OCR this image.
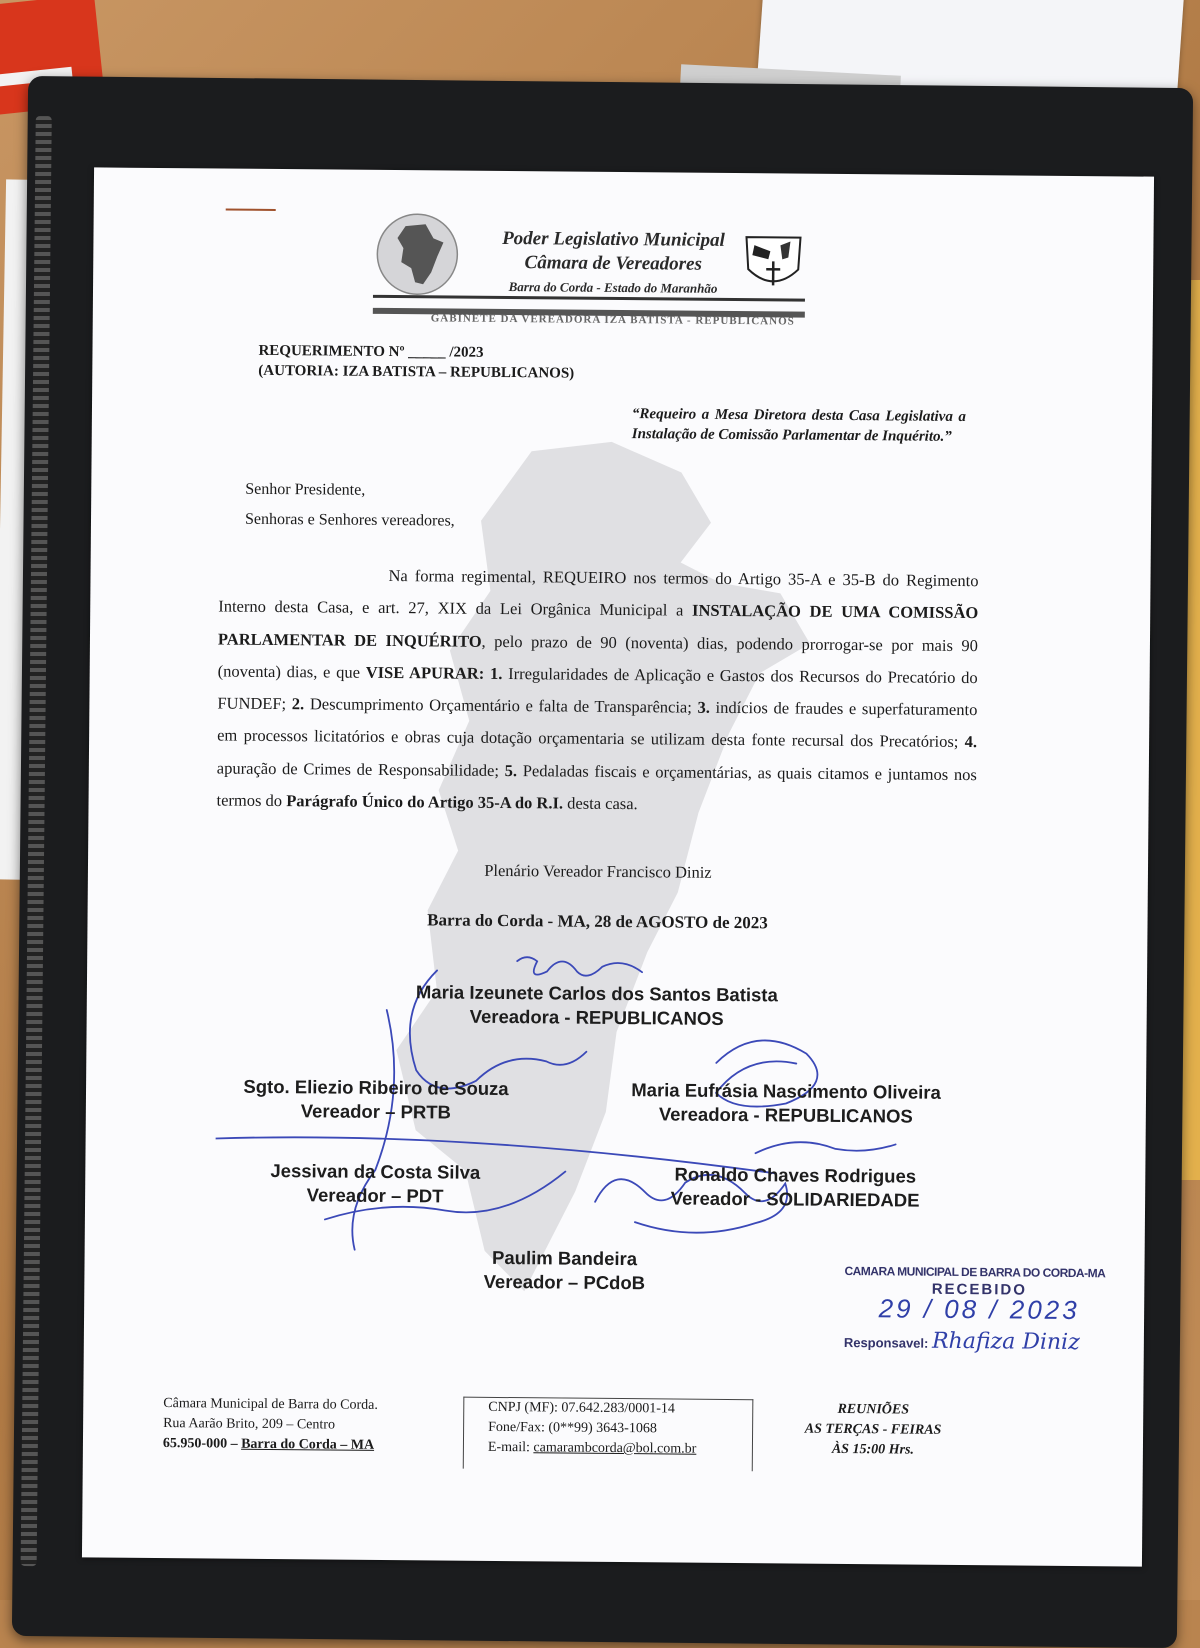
Poder Legislativo Municipal
Câmara de Vereadores
Barra do Corda - Estado do Maranhão
GABINETE DA VEREADORA IZA BATISTA - REPUBLICANOS
REQUERIMENTO Nº _____ /2023
(AUTORIA: IZA BATISTA – REPUBLICANOS)
“Requeiro a Mesa Diretora desta Casa Legislativa a Instalação de Comissão Parlamentar de Inquérito.”
Senhor Presidente,
Senhoras e Senhores vereadores,

Na forma regimental, REQUEIRO nos termos do Artigo 35-A e 35-B do Regimento Interno desta Casa, e art. 27, XIX da Lei Orgânica Municipal a INSTALAÇÃO DE UMA COMISSÃO PARLAMENTAR DE INQUÉRITO, pelo prazo de 90 (noventa) dias, podendo prorrogar-se por mais 90 (noventa) dias, e que VISE APURAR: 1. Irregularidades de Aplicação e Gastos dos Recursos do Precatório do FUNDEF; 2. Descumprimento Orçamentário e falta de Transparência; 3. indícios de fraudes e superfaturamento em processos licitatórios e obras cuja dotação orçamentaria se utilizam desta fonte recursal dos Precatórios; 4. apuração de Crimes de Responsabilidade; 5. Pedaladas fiscais e orçamentárias, as quais citamos e juntamos nos termos do Parágrafo Único do Artigo 35-A do R.I. desta casa.

Plenário Vereador Francisco Diniz
Barra do Corda - MA, 28 de AGOSTO de 2023
Maria Izeunete Carlos dos Santos Batista
Vereadora - REPUBLICANOS
Sgto. Eliezio Ribeiro de Souza
Vereador – PRTB
Maria Eufrásia Nascimento Oliveira
Vereadora - REPUBLICANOS
Jessivan da Costa Silva
Vereador – PDT
Ronaldo Chaves Rodrigues
Vereador - SOLIDARIEDADE
Paulim Bandeira
Vereador – PCdoB	CAMARA MUNICIPAL DE BARRA DO CORDA-MA
RECEBIDO
29 / 08 / 2023
Responsavel: Rhafiza Diniz
Câmara Municipal de Barra do Corda.
Rua Aarão Brito, 209 – Centro
65.950-000 – Barra do Corda – MA
CNPJ (MF): 07.642.283/0001-14
Fone/Fax: (0**99) 3643-1068
E-mail: camarambcorda@bol.com.br
REUNIÕES
AS TERÇAS - FEIRAS
ÀS 15:00 Hrs.
